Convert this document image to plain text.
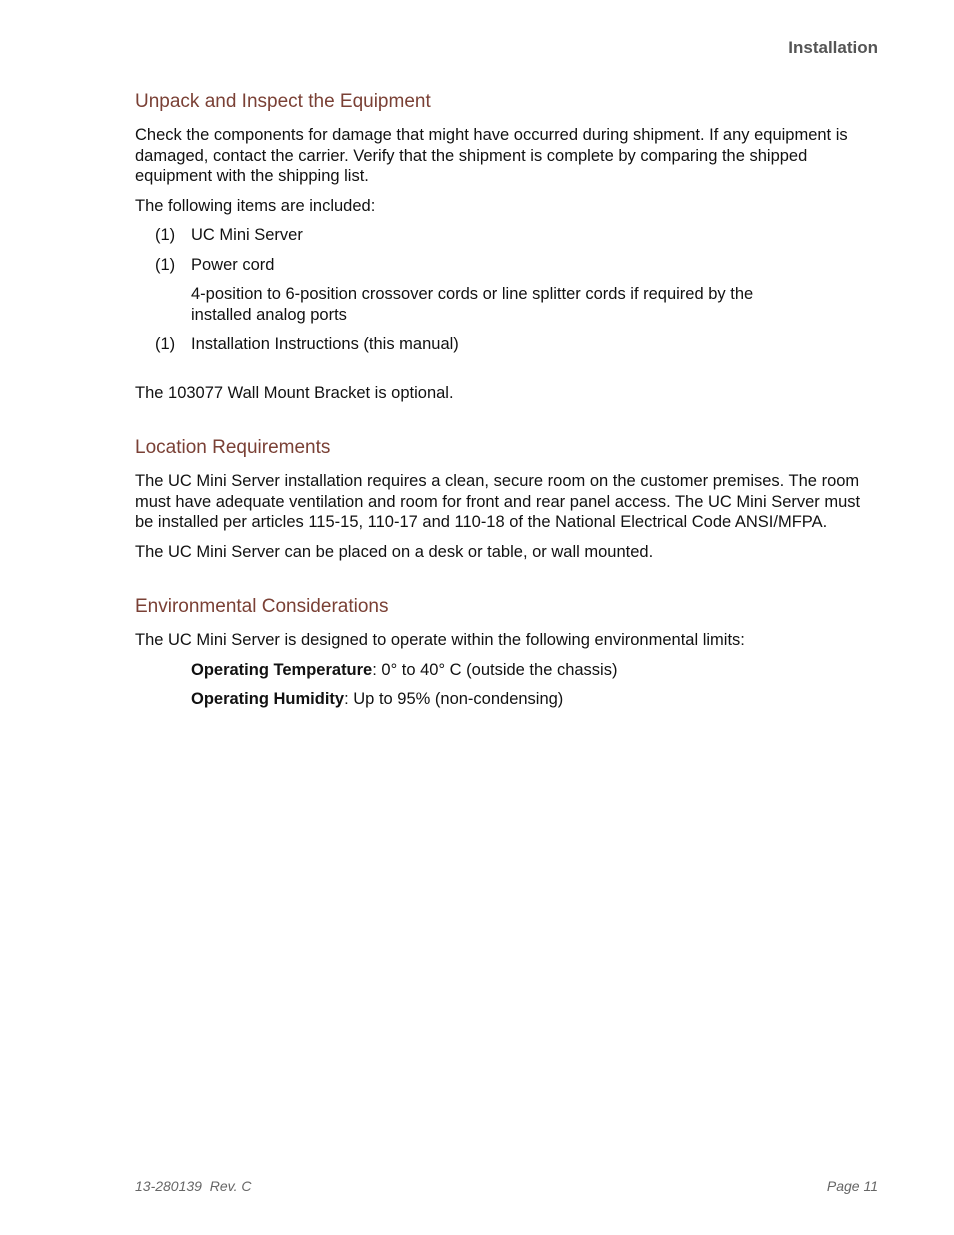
Installation
Unpack and Inspect the Equipment

Check the components for damage that might have occurred during shipment. If any equipment is damaged, contact the carrier. Verify that the shipment is complete by comparing the shipped equipment with the shipping list.

The following items are included:

(1) UC Mini Server
(1) Power cord
4-position to 6-position crossover cords or line splitter cords if required by the installed analog ports
(1) Installation Instructions (this manual)

The 103077 Wall Mount Bracket is optional.

Location Requirements

The UC Mini Server installation requires a clean, secure room on the customer premises. The room must have adequate ventilation and room for front and rear panel access. The UC Mini Server must be installed per articles 115-15, 110-17 and 110-18 of the National Electrical Code ANSI/MFPA.

The UC Mini Server can be placed on a desk or table, or wall mounted.

Environmental Considerations

The UC Mini Server is designed to operate within the following environmental limits:

Operating Temperature: 0° to 40° C (outside the chassis)
Operating Humidity: Up to 95% (non-condensing)
13-280139  Rev. C	Page 11
